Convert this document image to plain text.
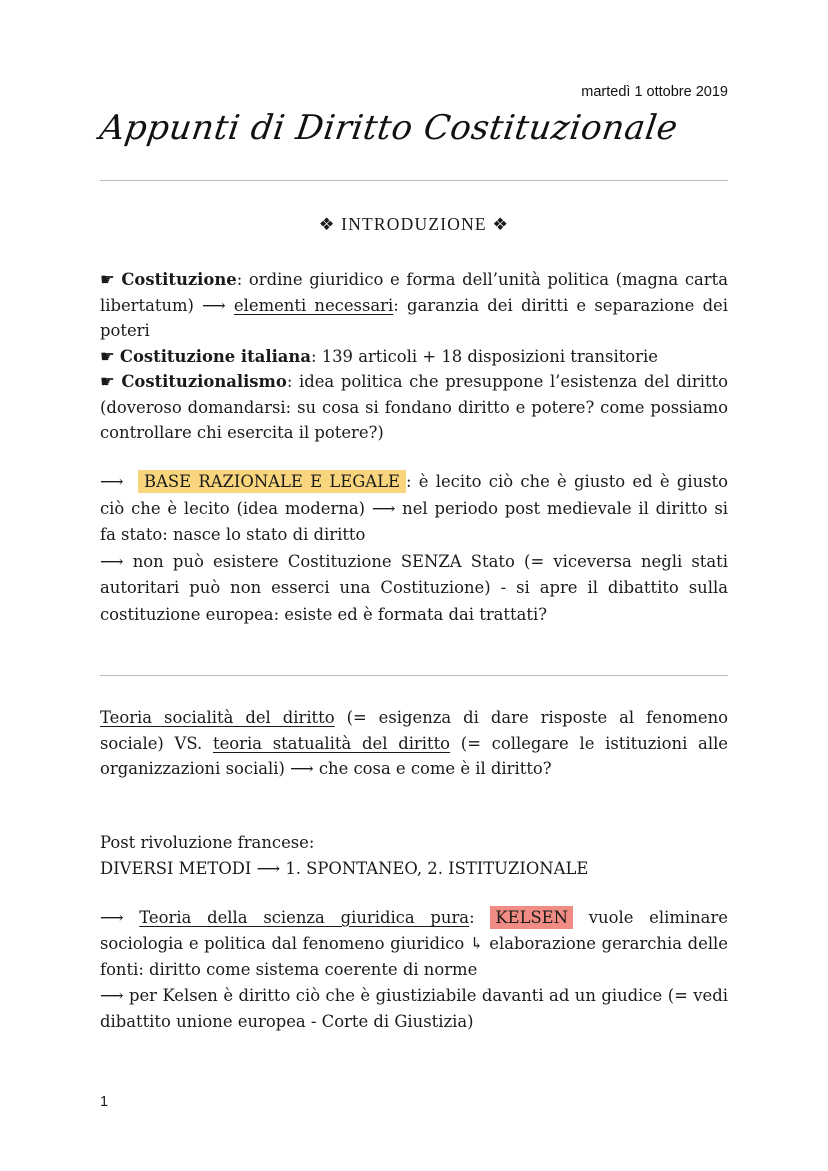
martedì 1 ottobre 2019
Appunti di Diritto Costituzionale
❖ INTRODUZIONE ❖

☛ Costituzione: ordine giuridico e forma dell’unità politica (magna carta libertatum) ⟶ elementi necessari: garanzia dei diritti e separazione dei poteri

☛ Costituzione italiana: 139 articoli + 18 disposizioni transitorie

☛ Costituzionalismo: idea politica che presuppone l’esistenza del diritto (doveroso domandarsi: su cosa si fondano diritto e potere? come possiamo controllare chi esercita il potere?)

⟶ BASE RAZIONALE E LEGALE : è lecito ciò che è giusto ed è giusto ciò che è lecito (idea moderna) ⟶ nel periodo post medievale il diritto si fa stato: nasce lo stato di diritto

⟶ non può esistere Costituzione SENZA Stato (= viceversa negli stati autoritari può non esserci una Costituzione) - si apre il dibattito sulla costituzione europea: esiste ed è formata dai trattati?

Teoria socialità del diritto (= esigenza di dare risposte al fenomeno sociale) VS. teoria statualità del diritto (= collegare le istituzioni alle organizzazioni sociali) ⟶ che cosa e come è il diritto?

Post rivoluzione francese:

DIVERSI METODI ⟶ 1. SPONTANEO, 2. ISTITUZIONALE

⟶ Teoria della scienza giuridica pura: KELSEN vuole eliminare sociologia e politica dal fenomeno giuridico ↳ elaborazione gerarchia delle fonti: diritto come sistema coerente di norme

⟶ per Kelsen è diritto ciò che è giustiziabile davanti ad un giudice (= vedi dibattito unione europea - Corte di Giustizia)

1
